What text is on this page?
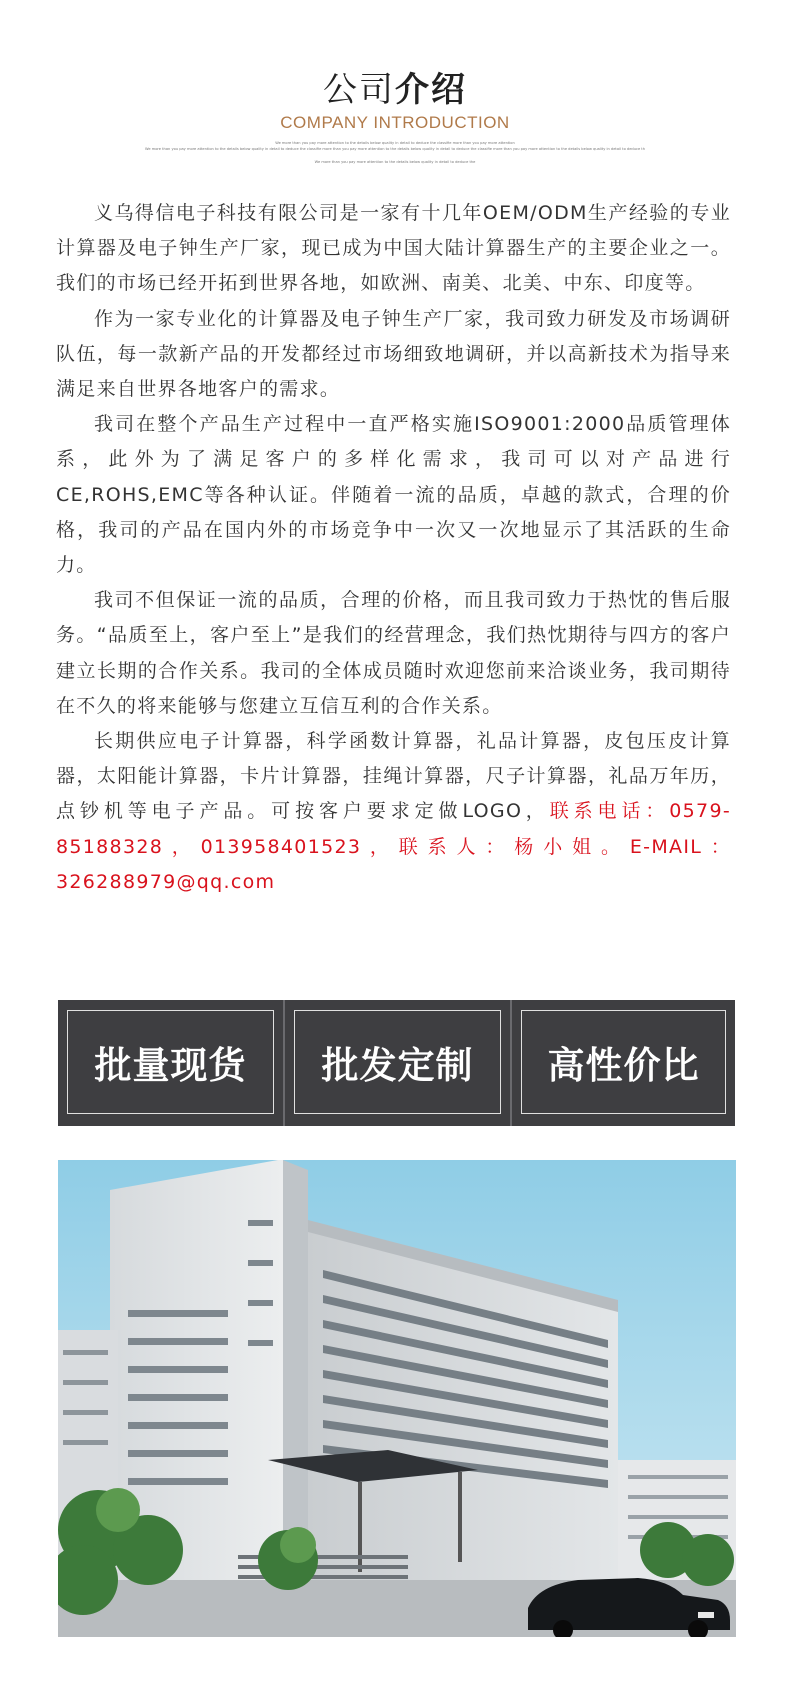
公司介绍
COMPANY INTRODUCTION
We more than you pay more attention to the details below quality in detail to deduce the classifie more than you pay more attention
We more than you pay more attention to the details below quality in detail to deduce the classifie more than you pay more attention to the details below quality in detail to deduce the classifie more than you pay more attention to the details below quality in detail to deduce th
We more than you pay more attention to the details below quality in detail to deduce the

义乌得信电子科技有限公司是一家有十几年OEM/ODM生产经验的专业计算器及电子钟生产厂家，现已成为中国大陆计算器生产的主要企业之一。我们的市场已经开拓到世界各地，如欧洲、南美、北美、中东、印度等。

作为一家专业化的计算器及电子钟生产厂家，我司致力研发及市场调研队伍，每一款新产品的开发都经过市场细致地调研，并以高新技术为指导来满足来自世界各地客户的需求。

我司在整个产品生产过程中一直严格实施ISO9001:2000品质管理体系，此外为了满足客户的多样化需求，我司可以对产品进行CE,ROHS,EMC等各种认证。伴随着一流的品质，卓越的款式，合理的价格，我司的产品在国内外的市场竞争中一次又一次地显示了其活跃的生命力。

我司不但保证一流的品质，合理的价格，而且我司致力于热忱的售后服务。“品质至上，客户至上”是我们的经营理念，我们热忱期待与四方的客户建立长期的合作关系。我司的全体成员随时欢迎您前来洽谈业务，我司期待在不久的将来能够与您建立互信互利的合作关系。

长期供应电子计算器，科学函数计算器，礼品计算器，皮包压皮计算器，太阳能计算器，卡片计算器，挂绳计算器，尺子计算器，礼品万年历，点钞机等电子产品。可按客户要求定做LOGO，联系电话：0579-85188328，013958401523，联系人：杨小姐。E-MAIL：326288979@qq.com

批量现货	批发定制	高性价比
